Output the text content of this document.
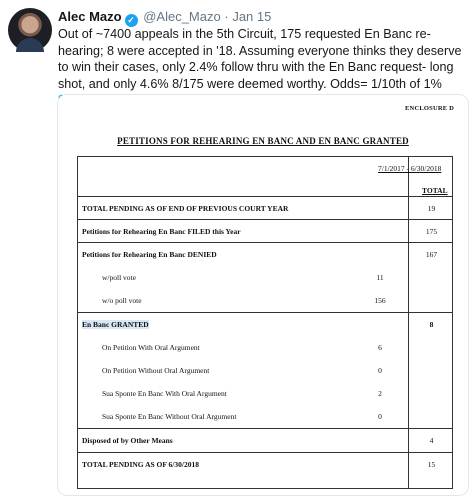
Alec Mazo ✓ @Alec_Mazo · Jan 15
Out of ~7400 appeals in the 5th Circuit, 175 requested En Banc re-hearing; 8 were accepted in '18. Assuming everyone thinks they deserve to win their cases, only 2.4% follow thru with the En Banc request- long shot, and only 4.6% 8/175 were deemed worthy. Odds= 1/10th of 1%
ENCLOSURE D
PETITIONS FOR REHEARING EN BANC AND EN BANC GRANTED
7/1/2017 - 6/30/2018
TOTAL
TOTAL PENDING AS OF END OF PREVIOUS COURT YEAR	19
Petitions for Rehearing En Banc FILED this Year	175
Petitions for Rehearing En Banc DENIED	167
w/poll vote	11
w/o poll vote	156
En Banc GRANTED	8
On Petition With Oral Argument	6
On Petition Without Oral Argument	0
Sua Sponte En Banc With Oral Argument	2
Sua Sponte En Banc Without Oral Argument	0
Disposed of by Other Means	4
TOTAL PENDING AS OF 6/30/2018	15
